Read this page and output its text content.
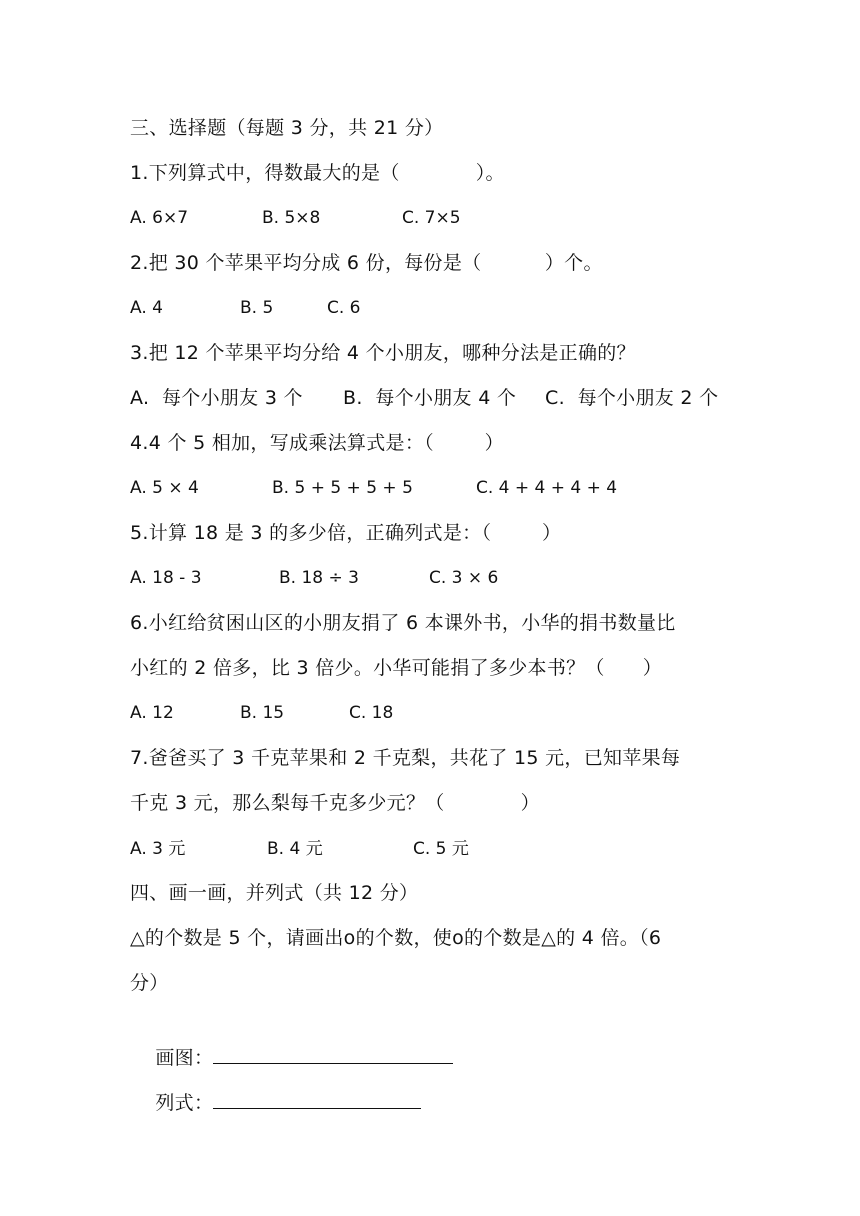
三、选择题（每题 3 分，共 21 分）
1.下列算式中，得数最大的是（            ）。
A. 6×7	B. 5×8	C. 7×5
2.把 30 个苹果平均分成 6 份，每份是（          ）个。
A. 4	B. 5	C. 6
3.把 12 个苹果平均分给 4 个小朋友，哪种分法是正确的？
A.  每个小朋友 3 个 B.  每个小朋友 4 个 C.  每个小朋友 2 个
4.4 个 5 相加，写成乘法算式是：（        ）
A. 5 × 4	B. 5 + 5 + 5 + 5	C. 4 + 4 + 4 + 4
5.计算 18 是 3 的多少倍，正确列式是：（        ）
A. 18 - 3	B. 18 ÷ 3	C. 3 × 6
6.小红给贫困山区的小朋友捐了 6 本课外书，小华的捐书数量比
小红的 2 倍多，比 3 倍少。小华可能捐了多少本书？（      ）
A. 12	B. 15	C. 18
7.爸爸买了 3 千克苹果和 2 千克梨，共花了 15 元，已知苹果每
千克 3 元，那么梨每千克多少元？（            ）
A. 3 元	B. 4 元	C. 5 元
四、画一画，并列式（共 12 分）
△的个数是 5 个，请画出o的个数，使o的个数是△的 4 倍。（6
分）

画图：

列式：
